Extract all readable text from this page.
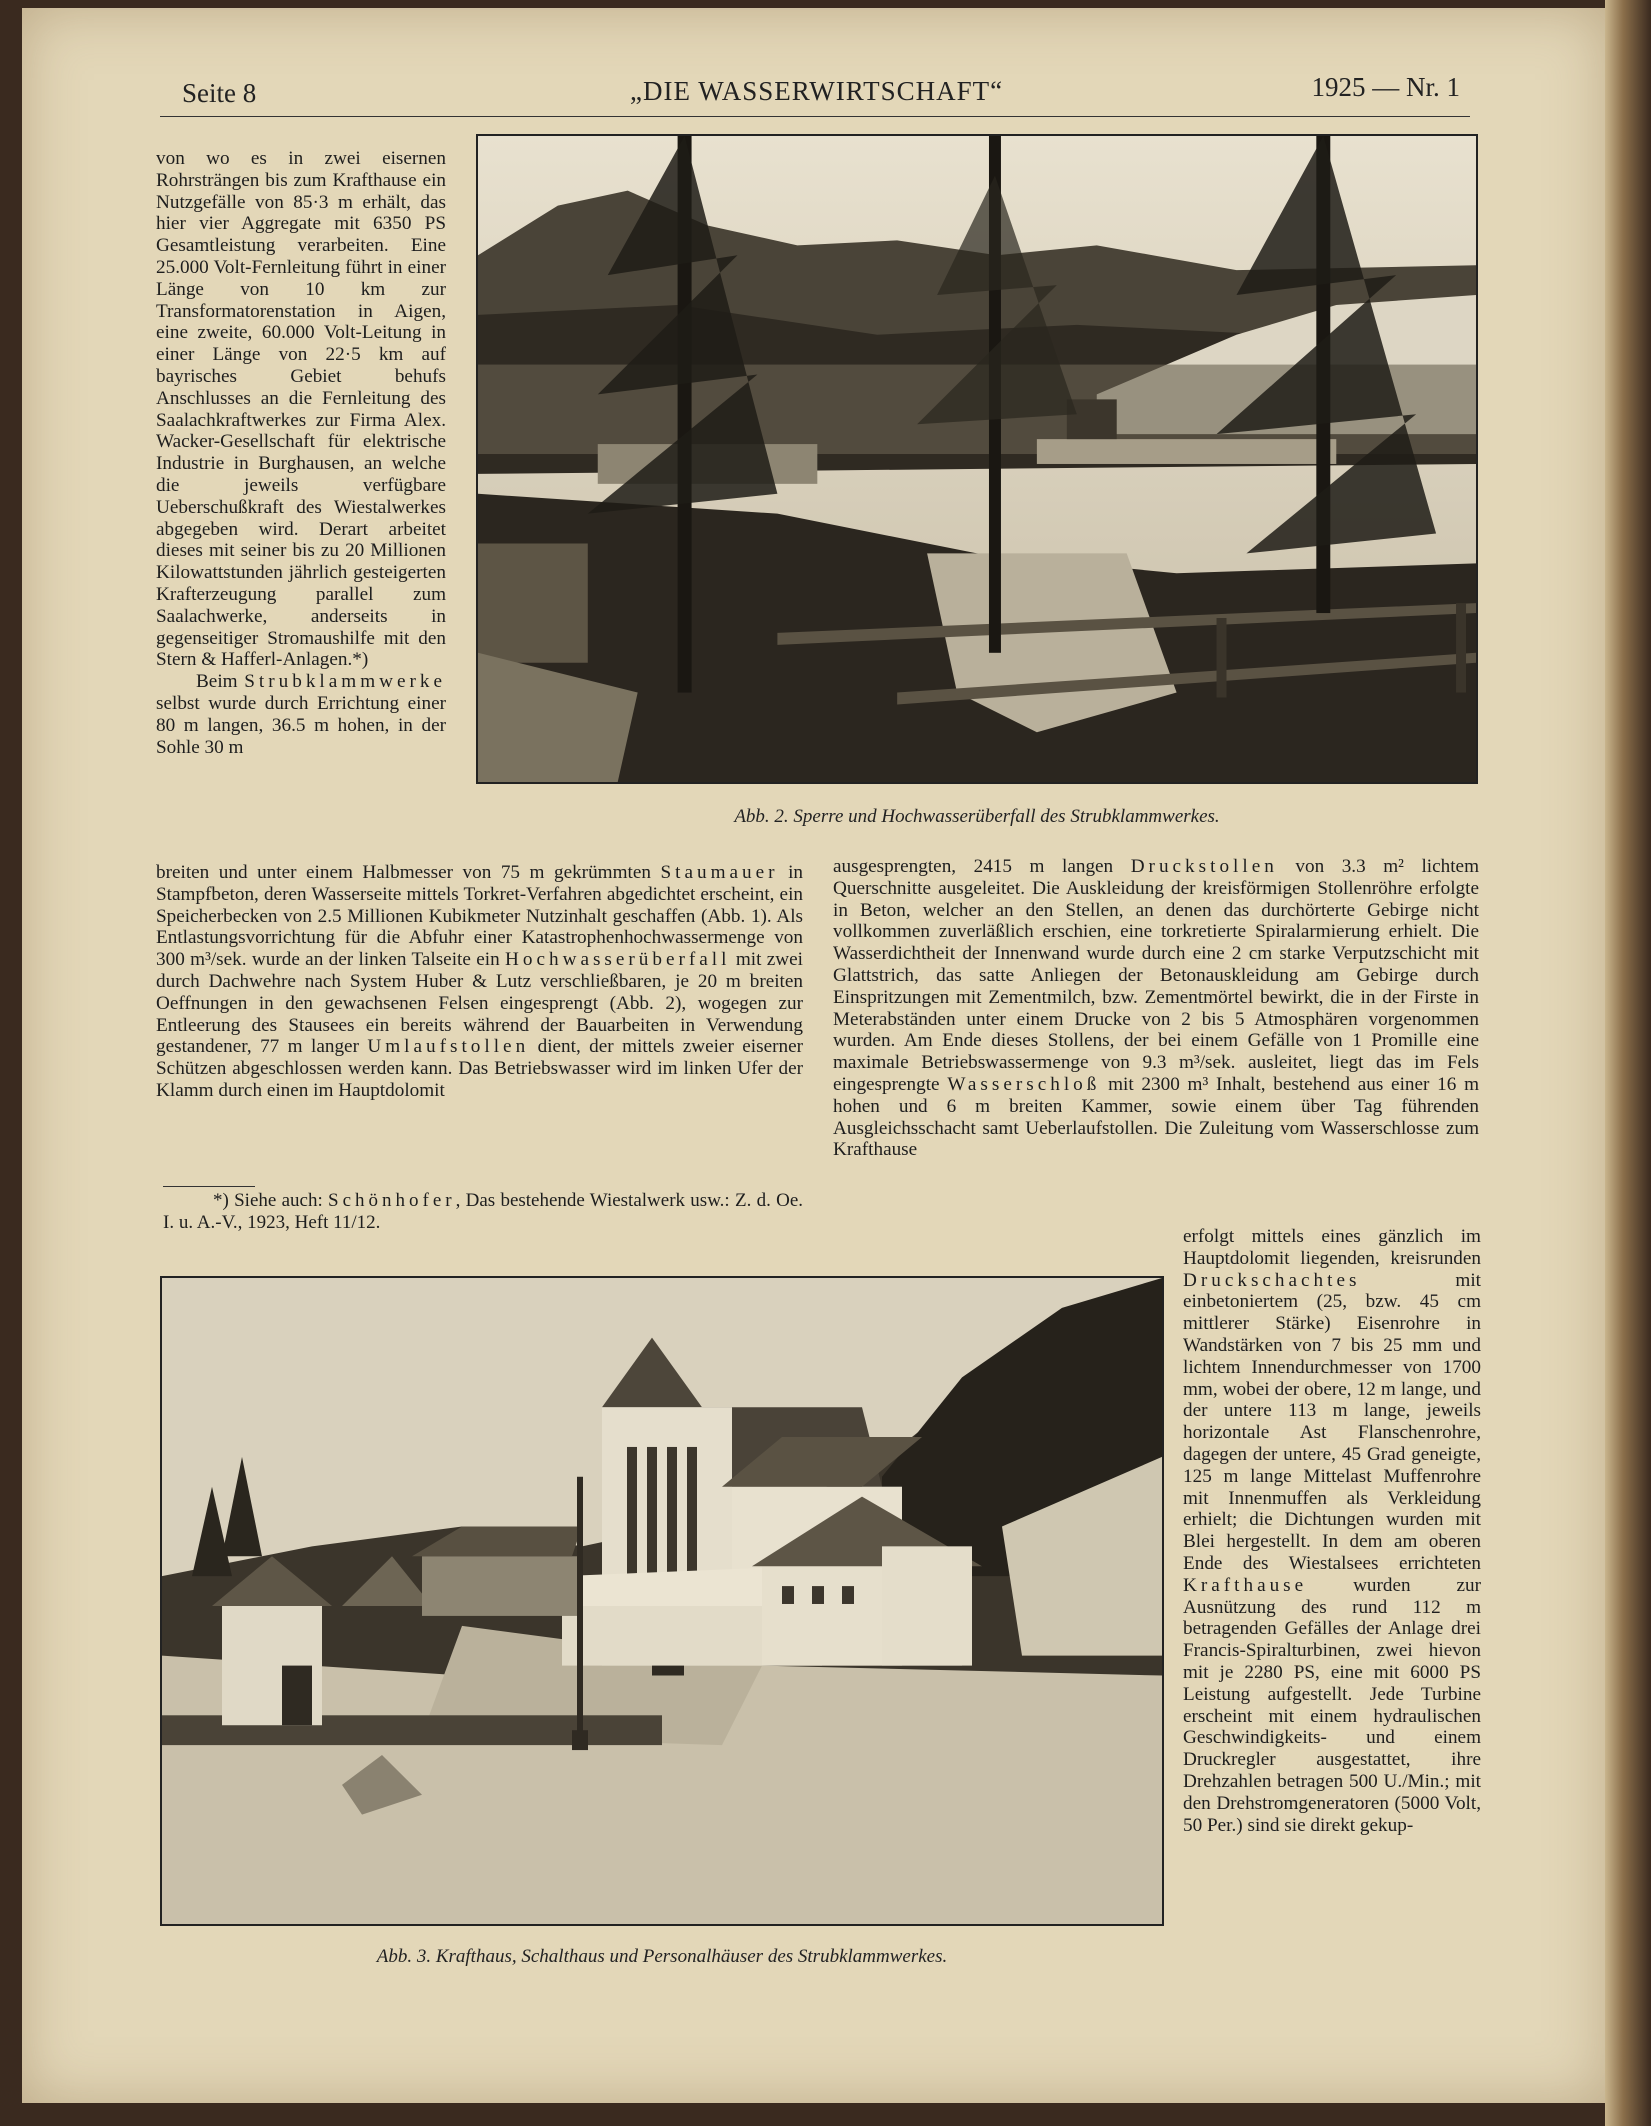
Seite 8	„DIE WASSERWIRTSCHAFT“	1925 — Nr. 1

von wo es in zwei eisernen Rohrsträngen bis zum Krafthause ein Nutzgefälle von 85·3 m erhält, das hier vier Aggregate mit 6350 PS Gesamtleistung verarbeiten. Eine 25.000 Volt-Fernleitung führt in einer Länge von 10 km zur Transformatorenstation in Aigen, eine zweite, 60.000 Volt-Leitung in einer Länge von 22·5 km auf bayrisches Gebiet behufs Anschlusses an die Fernleitung des Saalachkraftwerkes zur Firma Alex. Wacker-Gesellschaft für elektrische Industrie in Burghausen, an welche die jeweils verfügbare Ueberschußkraft des Wiestalwerkes abgegeben wird. Derart arbeitet dieses mit seiner bis zu 20 Millionen Kilowattstunden jährlich gesteigerten Krafterzeugung parallel zum Saalachwerke, anderseits in gegenseitiger Stromaushilfe mit den Stern & Hafferl-Anlagen.*)

Beim Strubklammwerke selbst wurde durch Errichtung einer 80 m langen, 36.5 m hohen, in der Sohle 30 m

Abb. 2. Sperre und Hochwasserüberfall des Strubklammwerkes.

breiten und unter einem Halbmesser von 75 m gekrümmten Staumauer in Stampfbeton, deren Wasserseite mittels Torkret-Verfahren abgedichtet erscheint, ein Speicherbecken von 2.5 Millionen Kubikmeter Nutzinhalt geschaffen (Abb. 1). Als Entlastungsvorrichtung für die Abfuhr einer Katastrophenhochwassermenge von 300 m³/sek. wurde an der linken Talseite ein Hochwasserüberfall mit zwei durch Dachwehre nach System Huber & Lutz verschließbaren, je 20 m breiten Oeffnungen in den gewachsenen Felsen eingesprengt (Abb. 2), wogegen zur Entleerung des Stausees ein bereits während der Bauarbeiten in Verwendung gestandener, 77 m langer Umlaufstollen dient, der mittels zweier eiserner Schützen abgeschlossen werden kann. Das Betriebswasser wird im linken Ufer der Klamm durch einen im Hauptdolomit

*) Siehe auch: Schönhofer, Das bestehende Wiestalwerk usw.: Z. d. Oe. I. u. A.-V., 1923, Heft 11/12.

ausgesprengten, 2415 m langen Druckstollen von 3.3 m² lichtem Querschnitte ausgeleitet. Die Auskleidung der kreisförmigen Stollenröhre erfolgte in Beton, welcher an den Stellen, an denen das durchörterte Gebirge nicht vollkommen zuverläßlich erschien, eine torkretierte Spiralarmierung erhielt. Die Wasserdichtheit der Innenwand wurde durch eine 2 cm starke Verputzschicht mit Glattstrich, das satte Anliegen der Betonauskleidung am Gebirge durch Einspritzungen mit Zementmilch, bzw. Zementmörtel bewirkt, die in der Firste in Meterabständen unter einem Drucke von 2 bis 5 Atmosphären vorgenommen wurden. Am Ende dieses Stollens, der bei einem Gefälle von 1 Promille eine maximale Betriebswassermenge von 9.3 m³/sek. ausleitet, liegt das im Fels eingesprengte Wasserschloß mit 2300 m³ Inhalt, bestehend aus einer 16 m hohen und 6 m breiten Kammer, sowie einem über Tag führenden Ausgleichsschacht samt Ueberlaufstollen. Die Zuleitung vom Wasserschlosse zum Krafthause

Abb. 3. Krafthaus, Schalthaus und Personalhäuser des Strubklammwerkes.

erfolgt mittels eines gänzlich im Hauptdolomit liegenden, kreisrunden Druckschachtes	mit einbetoniertem (25, bzw. 45 cm mittlerer Stärke) Eisenrohre in Wandstärken von 7 bis 25 mm und lichtem Innendurchmesser von 1700 mm, wobei der obere, 12 m lange, und der untere 113 m lange, jeweils horizontale Ast Flanschenrohre, dagegen der untere, 45 Grad geneigte, 125 m lange Mittelast Muffenrohre mit Innenmuffen als Verkleidung erhielt; die Dichtungen wurden mit Blei hergestellt. In dem am oberen Ende des Wiestalsees errichteten Krafthause wurden zur Ausnützung des rund 112 m betragenden Gefälles der Anlage drei Francis-Spiralturbinen, zwei hievon mit je 2280 PS, eine mit 6000 PS Leistung aufgestellt. Jede Turbine erscheint mit einem hydraulischen Geschwindigkeits- und einem Druckregler ausgestattet, ihre Drehzahlen betragen 500 U./Min.; mit den Drehstromgeneratoren (5000 Volt, 50 Per.) sind sie direkt gekup-
